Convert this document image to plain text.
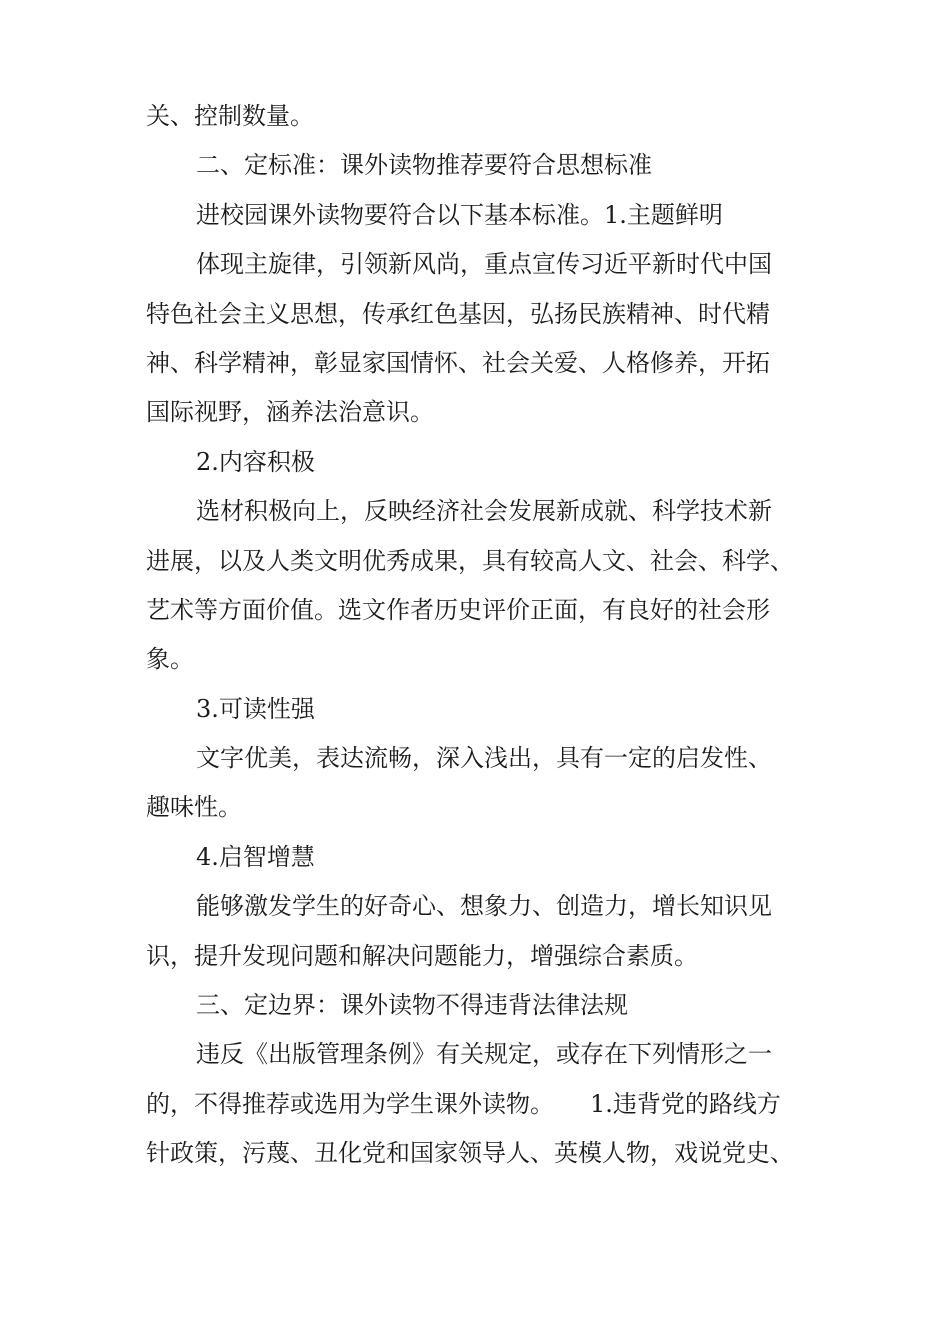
关、控制数量。
二、定标准：课外读物推荐要符合思想标准
进校园课外读物要符合以下基本标准。1.主题鲜明
体现主旋律，引领新风尚，重点宣传习近平新时代中国
特色社会主义思想，传承红色基因，弘扬民族精神、时代精
神、科学精神，彰显家国情怀、社会关爱、人格修养，开拓
国际视野，涵养法治意识。
2.内容积极
选材积极向上，反映经济社会发展新成就、科学技术新
进展，以及人类文明优秀成果，具有较高人文、社会、科学、
艺术等方面价值。选文作者历史评价正面，有良好的社会形
象。
3.可读性强
文字优美，表达流畅，深入浅出，具有一定的启发性、
趣味性。
4.启智增慧
能够激发学生的好奇心、想象力、创造力，增长知识见
识，提升发现问题和解决问题能力，增强综合素质。
三、定边界：课外读物不得违背法律法规
违反《出版管理条例》有关规定，或存在下列情形之一
的，不得推荐或选用为学生课外读物。　　1.违背党的路线方
针政策，污蔑、丑化党和国家领导人、英模人物，戏说党史、
